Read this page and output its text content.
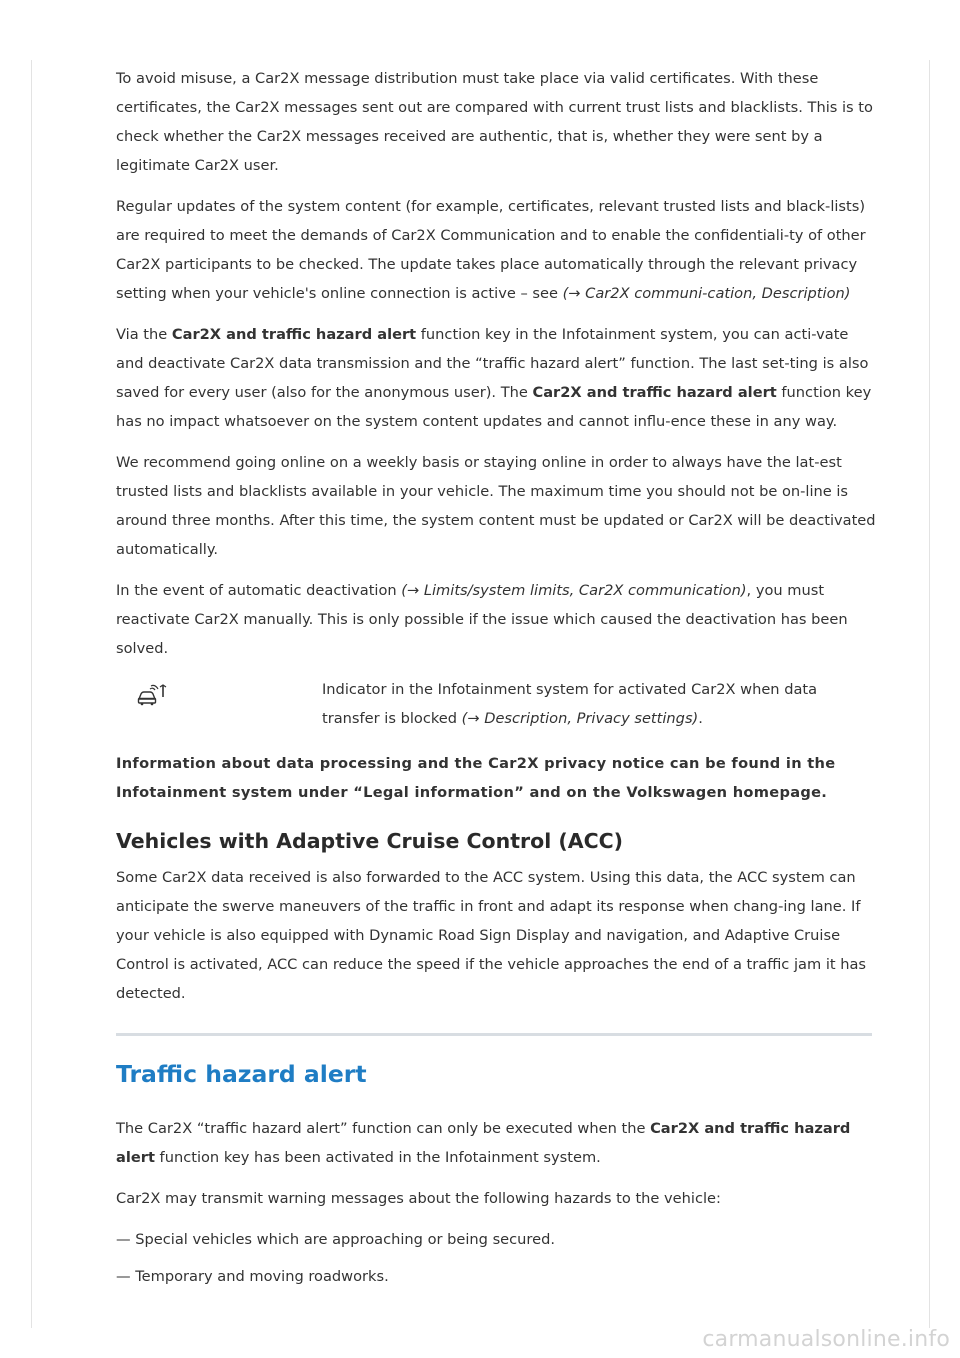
To avoid misuse, a Car2X message distribution must take place via valid certificates. With these certificates, the Car2X messages sent out are compared with current trust lists and blacklists. This is to check whether the Car2X messages received are authentic, that is, whether they were sent by a legitimate Car2X user.

Regular updates of the system content (for example, certificates, relevant trusted lists and black-lists) are required to meet the demands of Car2X Communication and to enable the confidentiali-ty of other Car2X participants to be checked. The update takes place automatically through the relevant privacy setting when your vehicle's online connection is active – see (→ Car2X communi-cation, Description)

Via the Car2X and traffic hazard alert function key in the Infotainment system, you can acti-vate and deactivate Car2X data transmission and the “traffic hazard alert” function. The last set-ting is also saved for every user (also for the anonymous user). The Car2X and traffic hazard alert function key has no impact whatsoever on the system content updates and cannot influ-ence these in any way.

We recommend going online on a weekly basis or staying online in order to always have the lat-est trusted lists and blacklists available in your vehicle. The maximum time you should not be on-line is around three months. After this time, the system content must be updated or Car2X will be deactivated automatically.

In the event of automatic deactivation (→ Limits/system limits, Car2X communication), you must reactivate Car2X manually. This is only possible if the issue which caused the deactivation has been solved.

Indicator in the Infotainment system for activated Car2X when data transfer is blocked (→ Description, Privacy settings).

Information about data processing and the Car2X privacy notice can be found in the Infotainment system under “Legal information” and on the Volkswagen homepage.

Vehicles with Adaptive Cruise Control (ACC)

Some Car2X data received is also forwarded to the ACC system. Using this data, the ACC system can anticipate the swerve maneuvers of the traffic in front and adapt its response when chang-ing lane. If your vehicle is also equipped with Dynamic Road Sign Display and navigation, and Adaptive Cruise Control is activated, ACC can reduce the speed if the vehicle approaches the end of a traffic jam it has detected.

Traffic hazard alert

The Car2X “traffic hazard alert” function can only be executed when the Car2X and traffic hazard alert function key has been activated in the Infotainment system.

Car2X may transmit warning messages about the following hazards to the vehicle:

— Special vehicles which are approaching or being secured.

— Temporary and moving roadworks.

carmanualsonline.info
